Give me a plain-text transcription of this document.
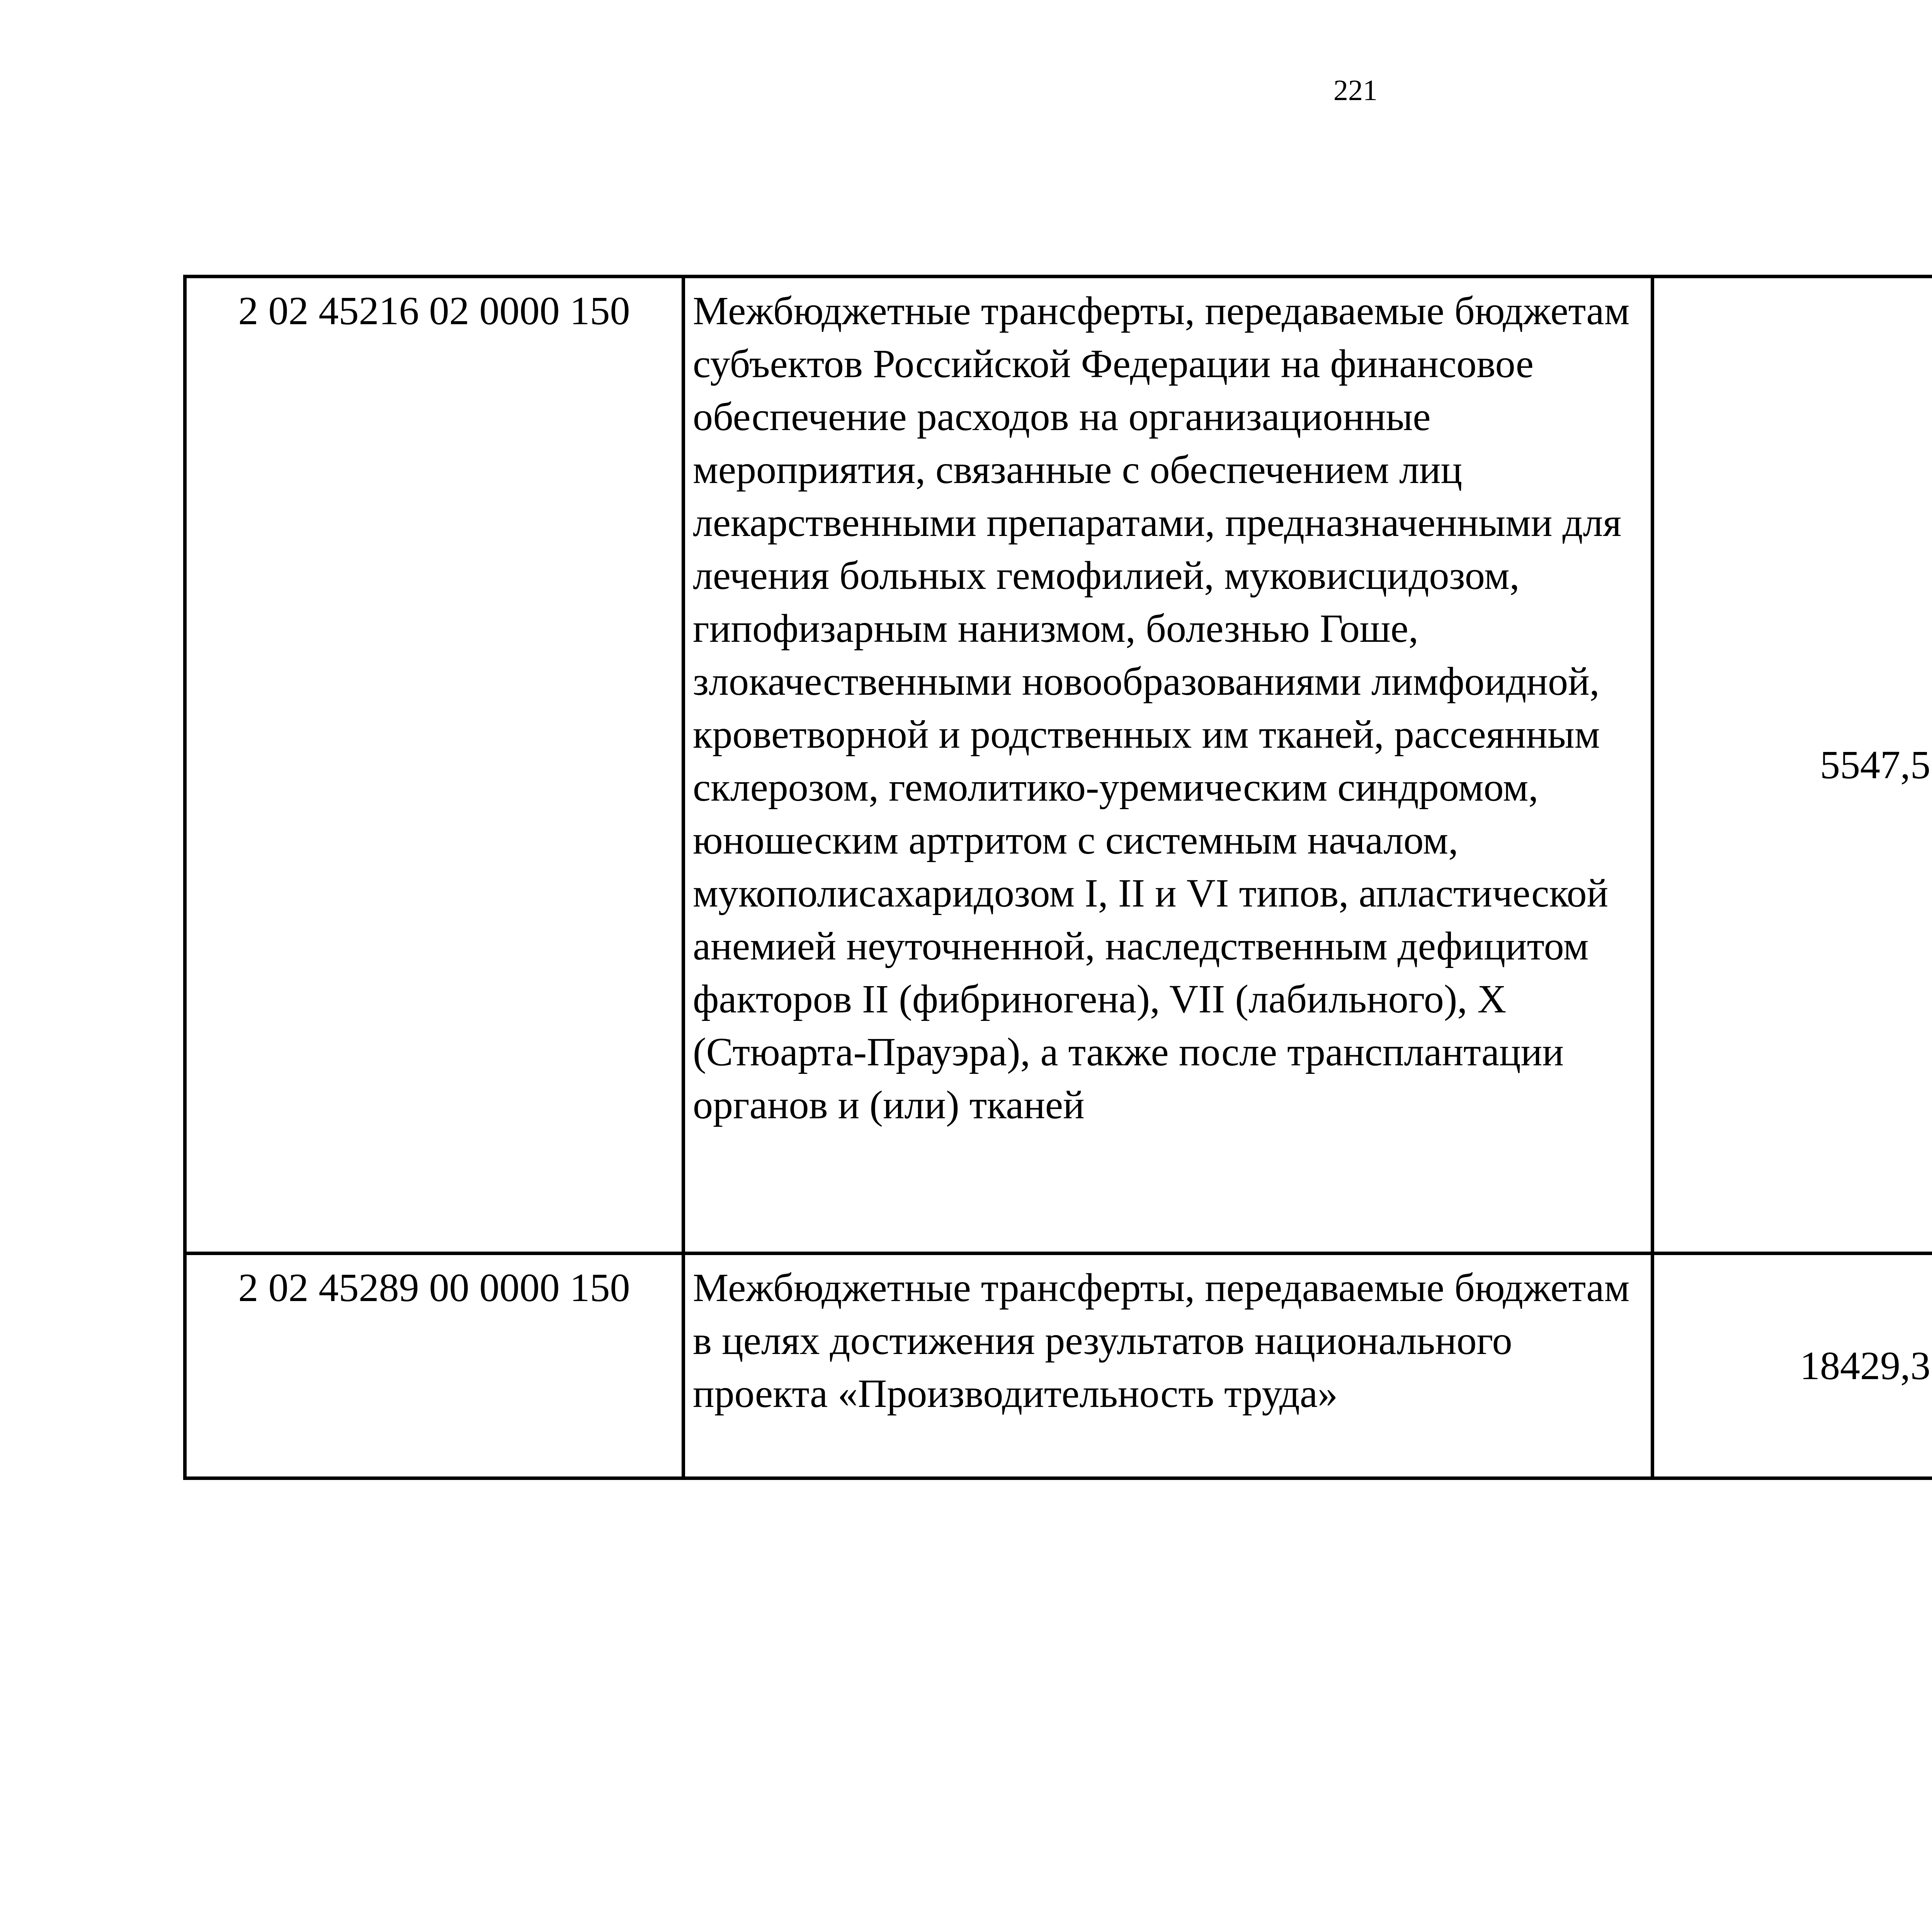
221
2 02 45216 02 0000 150	Межбюджетные трансферты, передаваемые бюджетам субъектов Российской Федерации на финансовое обеспечение расходов на организационные мероприятия, связанные с обеспечением лиц лекарственными препаратами, предназначенными для лечения больных гемофилией, муковисцидозом, гипофизарным нанизмом, болезнью Гоше, злокачественными новообразованиями лимфоидной, кроветворной и родственных им тканей, рассеянным склерозом, гемолитико-уремическим синдромом, юношеским артритом с системным началом, мукополисахаридозом I, II и VI типов, апластической анемией неуточненной, наследственным дефицитом факторов II (фибриногена), VII (лабильного), X (Стюарта-Прауэра), а также после трансплантации органов и (или) тканей	5547,5		
2 02 45289 00 0000 150	Межбюджетные трансферты, передаваемые бюджетам в целях достижения результатов национального проекта «Производительность труда»	18429,3		
